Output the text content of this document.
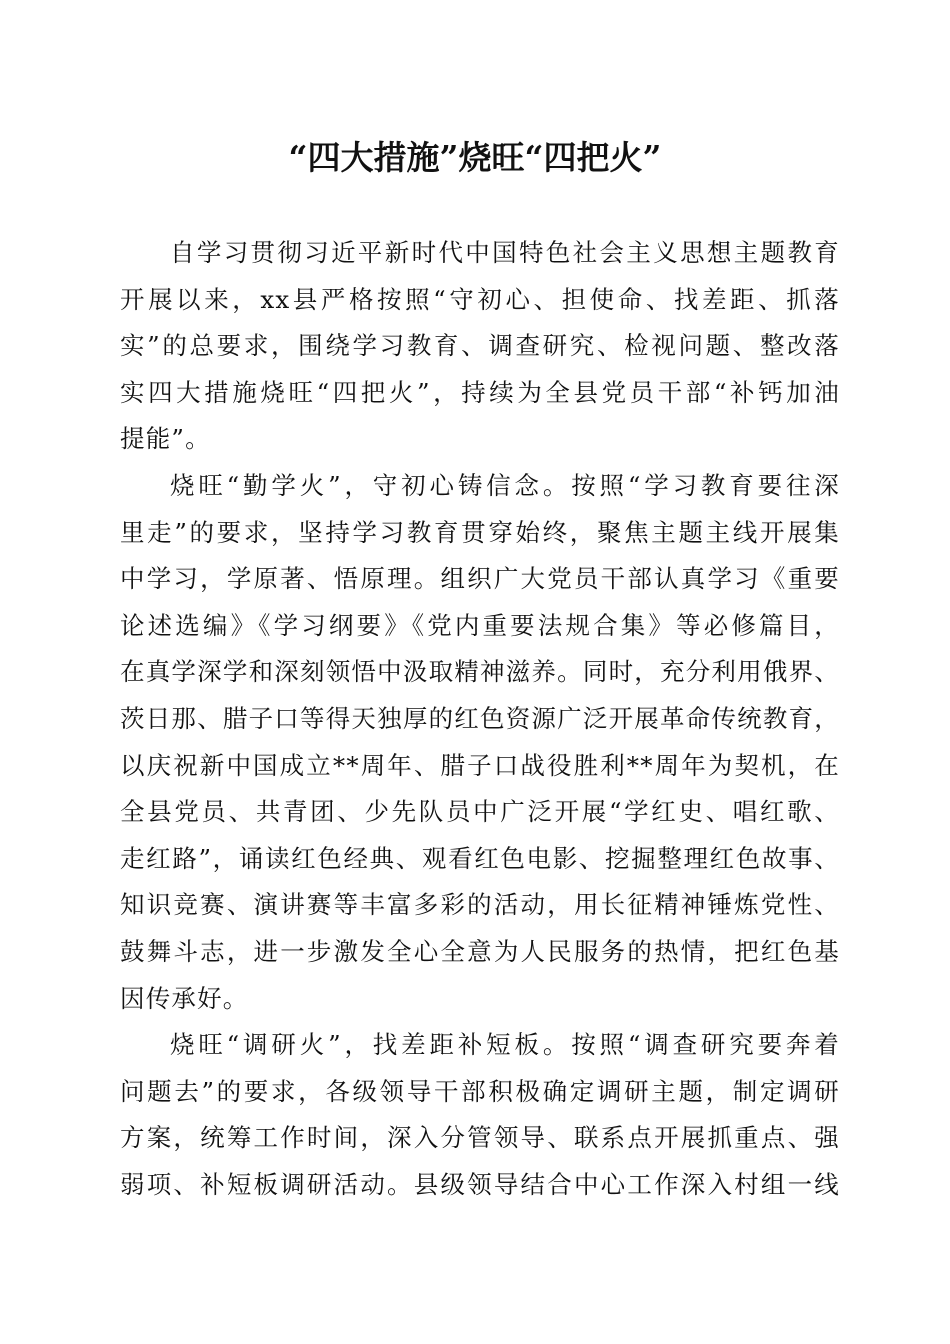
“四大措施”烧旺“四把火”
自学习贯彻习近平新时代中国特色社会主义思想主题教育
开展以来，xx县严格按照“守初心、担使命、找差距、抓落
实”的总要求，围绕学习教育、调查研究、检视问题、整改落
实四大措施烧旺“四把火”，持续为全县党员干部“补钙加油
提能”。
烧旺“勤学火”，守初心铸信念。按照“学习教育要往深
里走”的要求，坚持学习教育贯穿始终，聚焦主题主线开展集
中学习，学原著、悟原理。组织广大党员干部认真学习《重要
论述选编》《学习纲要》《党内重要法规合集》等必修篇目，
在真学深学和深刻领悟中汲取精神滋养。同时，充分利用俄界、
茨日那、腊子口等得天独厚的红色资源广泛开展革命传统教育，
以庆祝新中国成立**周年、腊子口战役胜利**周年为契机，在
全县党员、共青团、少先队员中广泛开展“学红史、唱红歌、
走红路”，诵读红色经典、观看红色电影、挖掘整理红色故事、
知识竞赛、演讲赛等丰富多彩的活动，用长征精神锤炼党性、
鼓舞斗志，进一步激发全心全意为人民服务的热情，把红色基
因传承好。
烧旺“调研火”，找差距补短板。按照“调查研究要奔着
问题去”的要求，各级领导干部积极确定调研主题，制定调研
方案，统筹工作时间，深入分管领导、联系点开展抓重点、强
弱项、补短板调研活动。县级领导结合中心工作深入村组一线
